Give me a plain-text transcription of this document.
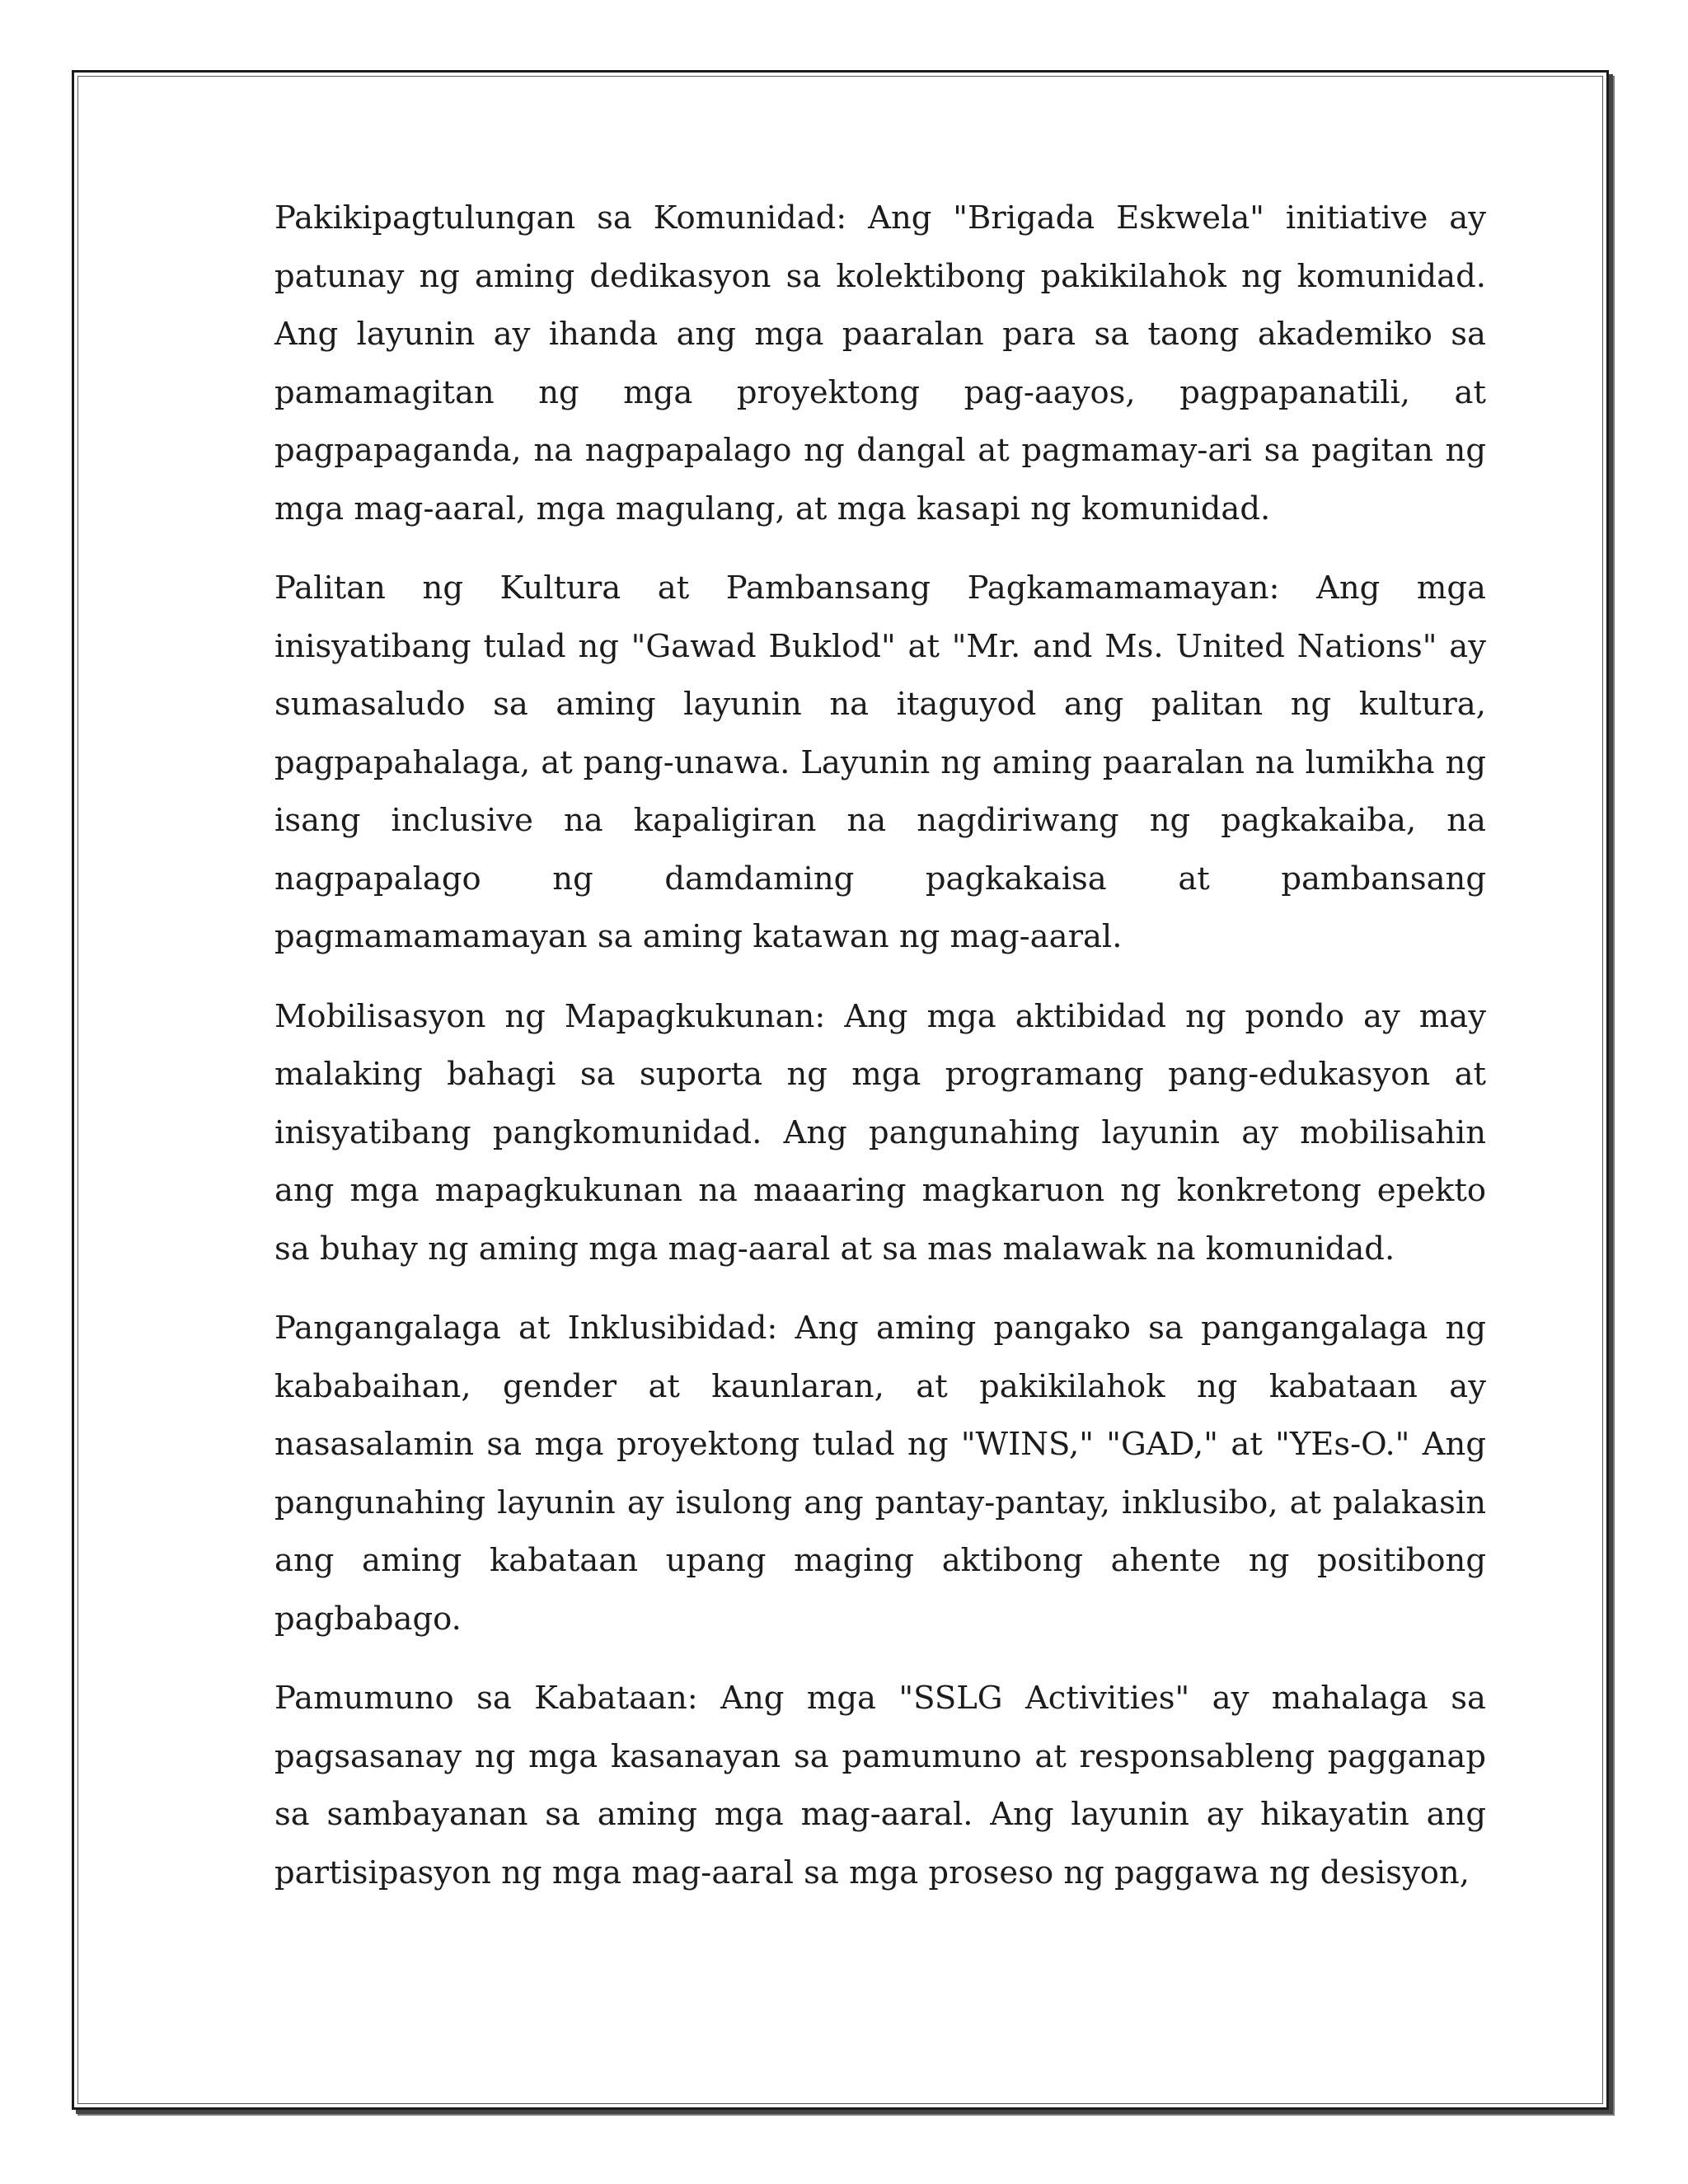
Pakikipagtulungan sa Komunidad: Ang "Brigada Eskwela" initiative ay patunay ng aming dedikasyon sa kolektibong pakikilahok ng komunidad. Ang layunin ay ihanda ang mga paaralan para sa taong akademiko sa pamamagitan ng mga proyektong pag-aayos, pagpapanatili, at pagpapaganda, na nagpapalago ng dangal at pagmamay-ari sa pagitan ng mga mag-aaral, mga magulang, at mga kasapi ng komunidad.

Palitan ng Kultura at Pambansang Pagkamamamayan: Ang mga inisyatibang tulad ng "Gawad Buklod" at "Mr. and Ms. United Nations" ay sumasaludo sa aming layunin na itaguyod ang palitan ng kultura, pagpapahalaga, at pang-unawa. Layunin ng aming paaralan na lumikha ng isang inclusive na kapaligiran na nagdiriwang ng pagkakaiba, na nagpapalago ng damdaming pagkakaisa at pambansang pagmamamamayan sa aming katawan ng mag-aaral.

Mobilisasyon ng Mapagkukunan: Ang mga aktibidad ng pondo ay may malaking bahagi sa suporta ng mga programang pang-edukasyon at inisyatibang pangkomunidad. Ang pangunahing layunin ay mobilisahin ang mga mapagkukunan na maaaring magkaruon ng konkretong epekto sa buhay ng aming mga mag-aaral at sa mas malawak na komunidad.

Pangangalaga at Inklusibidad: Ang aming pangako sa pangangalaga ng kababaihan, gender at kaunlaran, at pakikilahok ng kabataan ay nasasalamin sa mga proyektong tulad ng "WINS," "GAD," at "YEs-O." Ang pangunahing layunin ay isulong ang pantay-pantay, inklusibo, at palakasin ang aming kabataan upang maging aktibong ahente ng positibong pagbabago.

Pamumuno sa Kabataan: Ang mga "SSLG Activities" ay mahalaga sa pagsasanay ng mga kasanayan sa pamumuno at responsableng pagganap sa sambayanan sa aming mga mag-aaral. Ang layunin ay hikayatin ang partisipasyon ng mga mag-aaral sa mga proseso ng paggawa ng desisyon,
